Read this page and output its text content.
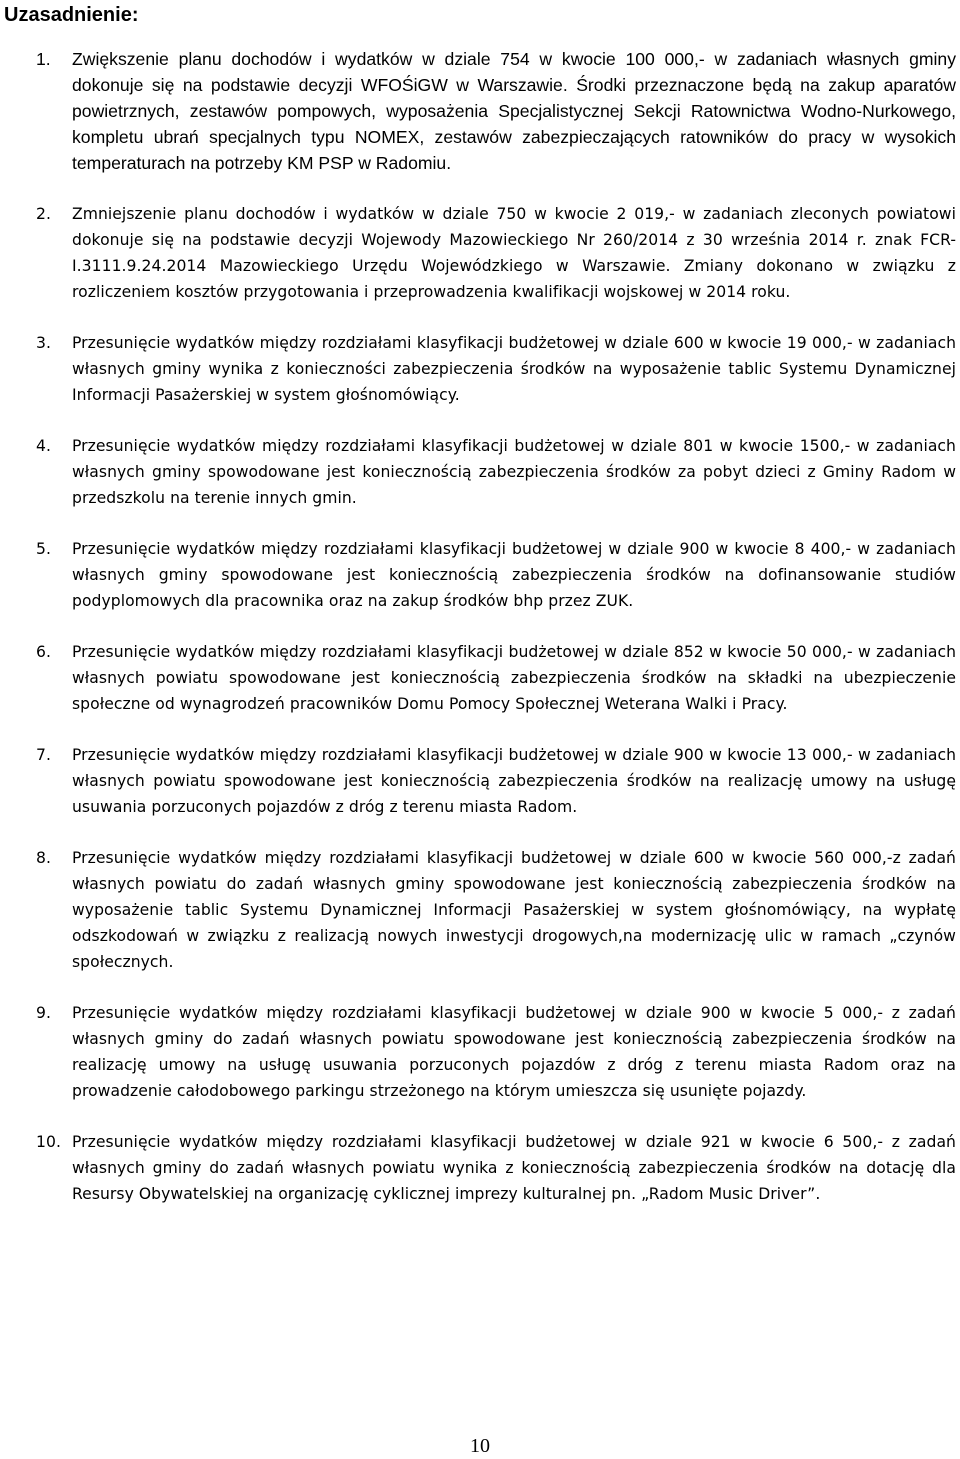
Uzasadnienie:
1. Zwiększenie planu dochodów i wydatków w dziale 754 w kwocie 100 000,- w zadaniach własnych gminy dokonuje się na podstawie decyzji WFOŚiGW w Warszawie. Środki przeznaczone będą na zakup aparatów powietrznych, zestawów pompowych, wyposażenia Specjalistycznej Sekcji Ratownictwa Wodno-Nurkowego, kompletu ubrań specjalnych typu NOMEX, zestawów zabezpieczających ratowników do pracy w wysokich temperaturach na potrzeby KM PSP w Radomiu.
2. Zmniejszenie planu dochodów i wydatków w dziale 750 w kwocie 2 019,- w zadaniach zleconych powiatowi dokonuje się na podstawie decyzji Wojewody Mazowieckiego Nr 260/2014 z 30 września 2014 r. znak FCR-I.3111.9.24.2014 Mazowieckiego Urzędu Wojewódzkiego w Warszawie. Zmiany dokonano w związku z rozliczeniem kosztów przygotowania i przeprowadzenia kwalifikacji wojskowej w 2014 roku.
3. Przesunięcie wydatków między rozdziałami klasyfikacji budżetowej w dziale 600 w kwocie 19 000,- w zadaniach własnych gminy wynika z konieczności zabezpieczenia środków na wyposażenie tablic Systemu Dynamicznej Informacji Pasażerskiej w system głośnomówiący.
4. Przesunięcie wydatków między rozdziałami klasyfikacji budżetowej w dziale 801 w kwocie 1500,- w zadaniach własnych gminy spowodowane jest koniecznością zabezpieczenia środków za pobyt dzieci z Gminy Radom w przedszkolu na terenie innych gmin.
5. Przesunięcie wydatków między rozdziałami klasyfikacji budżetowej w dziale 900 w kwocie 8 400,- w zadaniach własnych gminy spowodowane jest koniecznością zabezpieczenia środków na dofinansowanie studiów podyplomowych dla pracownika oraz na zakup środków bhp przez ZUK.
6. Przesunięcie wydatków między rozdziałami klasyfikacji budżetowej w dziale 852 w kwocie 50 000,- w zadaniach własnych powiatu spowodowane jest koniecznością zabezpieczenia środków na składki na ubezpieczenie społeczne od wynagrodzeń pracowników Domu Pomocy Społecznej Weterana Walki i Pracy.
7. Przesunięcie wydatków między rozdziałami klasyfikacji budżetowej w dziale 900 w kwocie 13 000,- w zadaniach własnych powiatu spowodowane jest koniecznością zabezpieczenia środków na realizację umowy na usługę usuwania porzuconych pojazdów z dróg z terenu miasta Radom.
8. Przesunięcie wydatków między rozdziałami klasyfikacji budżetowej w dziale 600 w kwocie 560 000,-z zadań własnych powiatu do zadań własnych gminy spowodowane jest koniecznością zabezpieczenia środków na wyposażenie tablic Systemu Dynamicznej Informacji Pasażerskiej w system głośnomówiący, na wypłatę odszkodowań w związku z realizacją nowych inwestycji drogowych,na modernizację ulic w ramach „czynów społecznych.
9. Przesunięcie wydatków między rozdziałami klasyfikacji budżetowej w dziale 900 w kwocie 5 000,- z zadań własnych gminy do zadań własnych powiatu spowodowane jest koniecznością zabezpieczenia środków na realizację umowy na usługę usuwania porzuconych pojazdów z dróg z terenu miasta Radom oraz na prowadzenie całodobowego parkingu strzeżonego na którym umieszcza się usunięte pojazdy.
10. Przesunięcie wydatków między rozdziałami klasyfikacji budżetowej w dziale 921 w kwocie 6 500,- z zadań własnych gminy do zadań własnych powiatu wynika z koniecznością zabezpieczenia środków na dotację dla Resursy Obywatelskiej na organizację cyklicznej imprezy kulturalnej pn. „Radom Music Driver”.
10
